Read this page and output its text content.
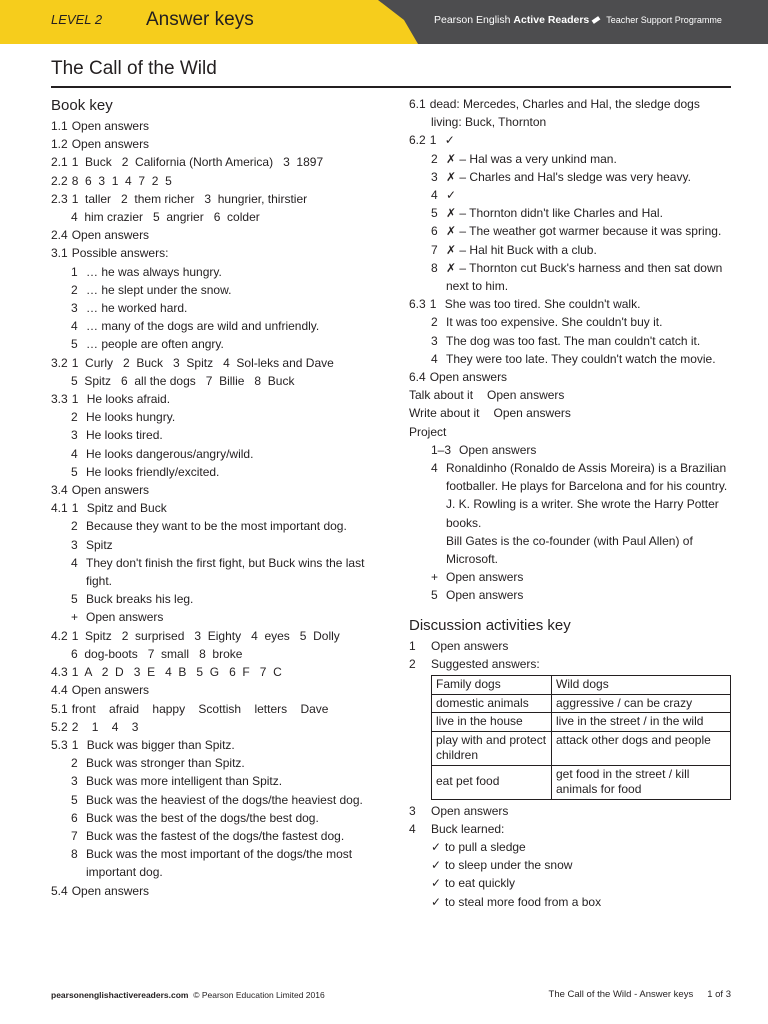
LEVEL 2 Answer keys	Pearson English Active Readers Teacher Support Programme
The Call of the Wild
Book key
1.1 Open answers
1.2 Open answers
2.1 1  Buck   2  California (North America)   3  1897
2.2 8  6  3  1  4  7  2  5
2.3 1  taller   2  them richer   3  hungrier, thirstier
4  him crazier   5  angrier   6  colder
2.4 Open answers
3.1 Possible answers:
1 … he was always hungry.
2 … he slept under the snow.
3 … he worked hard.
4 … many of the dogs are wild and unfriendly.
5 … people are often angry.
3.2 1  Curly   2  Buck   3  Spitz   4  Sol-leks and Dave
5  Spitz   6  all the dogs   7  Billie   8  Buck
3.3 1 He looks afraid.
2 He looks hungry.
3 He looks tired.
4 He looks dangerous/angry/wild.
5 He looks friendly/excited.
3.4 Open answers
4.1 1 Spitz and Buck
2 Because they want to be the most important dog.
3 Spitz
4 They don't finish the first fight, but Buck wins the last fight.
5 Buck breaks his leg.
+ Open answers
4.2 1  Spitz   2  surprised   3  Eighty   4  eyes   5  Dolly
6  dog-boots   7  small   8  broke
4.3 1  A   2  D   3  E   4  B   5  G   6  F   7  C
4.4 Open answers
5.1 front    afraid    happy    Scottish    letters    Dave
5.2 2    1    4    3
5.3 1 Buck was bigger than Spitz.
2 Buck was stronger than Spitz.
3 Buck was more intelligent than Spitz.
5 Buck was the heaviest of the dogs/the heaviest dog.
6 Buck was the best of the dogs/the best dog.
7 Buck was the fastest of the dogs/the fastest dog.
8 Buck was the most important of the dogs/the most important dog.
5.4 Open answers
6.1 dead: Mercedes, Charles and Hal, the sledge dogs
living: Buck, Thornton
6.2 1 ✓
2 ✗ – Hal was a very unkind man.
3 ✗ – Charles and Hal's sledge was very heavy.
4 ✓
5 ✗ – Thornton didn't like Charles and Hal.
6 ✗ – The weather got warmer because it was spring.
7 ✗ – Hal hit Buck with a club.
8 ✗ – Thornton cut Buck's harness and then sat down next to him.
6.3 1 She was too tired. She couldn't walk.
2 It was too expensive. She couldn't buy it.
3 The dog was too fast. The man couldn't catch it.
4 They were too late. They couldn't watch the movie.
6.4 Open answers
Talk about it	Open answers
Write about it	Open answers
Project
1–3 Open answers
4 Ronaldinho (Ronaldo de Assis Moreira) is a Brazilian footballer. He plays for Barcelona and for his country.
J. K. Rowling is a writer. She wrote the Harry Potter books.
Bill Gates is the co-founder (with Paul Allen) of Microsoft.
+ Open answers
5 Open answers
Discussion activities key
1	Open answers
2	Suggested answers:
Family dogs	Wild dogs
domestic animals	aggressive / can be crazy
live in the house	live in the street / in the wild
play with and protect children	attack other dogs and people
eat pet food	get food in the street / kill animals for food
3	Open answers
4	Buck learned:
✓ to pull a sledge
✓ to sleep under the snow
✓ to eat quickly
✓ to steal more food from a box
pearsonenglishactivereaders.com © Pearson Education Limited 2016	The Call of the Wild - Answer keys 1 of 3
